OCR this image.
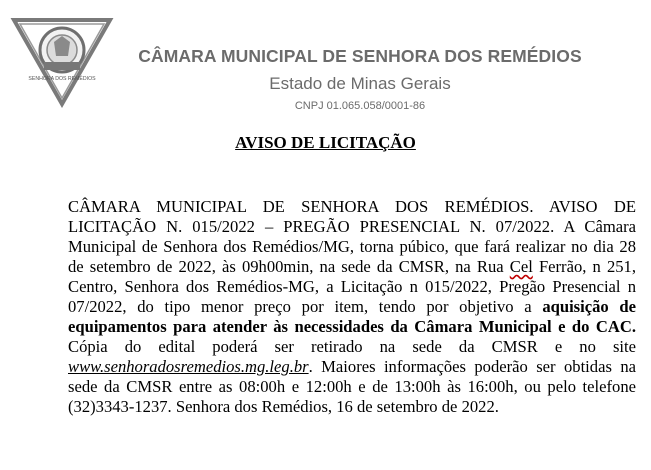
SENHORA DOS REMÉDIOS
CÂMARA MUNICIPAL DE SENHORA DOS REMÉDIOS
Estado de Minas Gerais
CNPJ 01.065.058/0001-86
AVISO DE LICITAÇÃO
CÂMARA MUNICIPAL DE SENHORA DOS REMÉDIOS. AVISO DE LICITAÇÃO N. 015/2022 – PREGÃO PRESENCIAL N. 07/2022. A Câmara Municipal de Senhora dos Remédios/MG, torna púbico, que fará realizar no dia 28 de setembro de 2022, às 09h00min, na sede da CMSR, na Rua Cel Ferrão, n 251, Centro, Senhora dos Remédios-MG, a Licitação n 015/2022, Pregão Presencial n 07/2022, do tipo menor preço por item, tendo por objetivo a aquisição de equipamentos para atender às necessidades da Câmara Municipal e do CAC. Cópia do edital poderá ser retirado na sede da CMSR e no site www.senhoradosremedios.mg.leg.br. Maiores informações poderão ser obtidas na sede da CMSR entre as 08:00h e 12:00h e de 13:00h às 16:00h, ou pelo telefone (32)3343-1237. Senhora dos Remédios, 16 de setembro de 2022.
